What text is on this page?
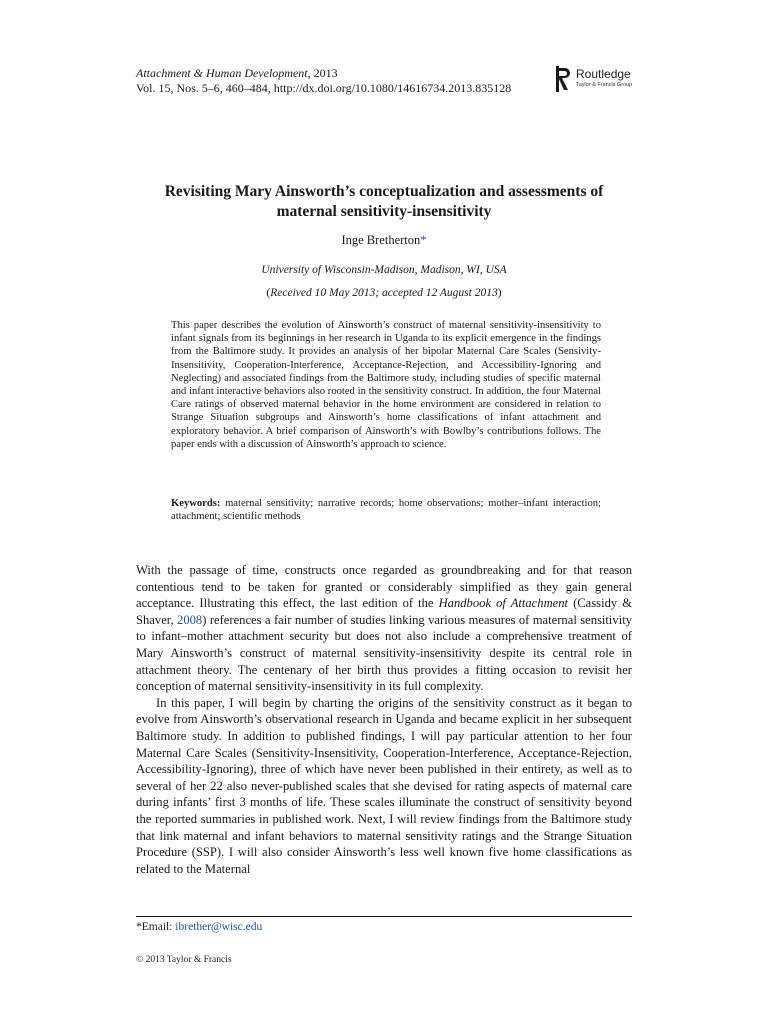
Attachment & Human Development, 2013
Vol. 15, Nos. 5–6, 460–484, http://dx.doi.org/10.1080/14616734.2013.835128
Routledge
Taylor & Francis Group
Revisiting Mary Ainsworth’s conceptualization and assessments of maternal sensitivity-insensitivity
Inge Bretherton*
University of Wisconsin-Madison, Madison, WI, USA
(Received 10 May 2013; accepted 12 August 2013)

This paper describes the evolution of Ainsworth’s construct of maternal sensitivity-insensitivity to infant signals from its beginnings in her research in Uganda to its explicit emergence in the findings from the Baltimore study. It provides an analysis of her bipolar Maternal Care Scales (Sensivity-Insensitivity, Cooperation-Interference, Acceptance-Rejection, and Accessibility-Ignoring and Neglecting) and associated findings from the Baltimore study, including studies of specific maternal and infant interactive behaviors also rooted in the sensitivity construct. In addition, the four Maternal Care ratings of observed maternal behavior in the home environment are considered in relation to Strange Situation subgroups and Ainsworth’s home classifications of infant attachment and exploratory behavior. A brief comparison of Ainsworth’s with Bowlby’s contributions follows. The paper ends with a discussion of Ainsworth’s approach to science.

Keywords: maternal sensitivity; narrative records; home observations; mother–infant interaction; attachment; scientific methods

With the passage of time, constructs once regarded as groundbreaking and for that reason contentious tend to be taken for granted or considerably simplified as they gain general acceptance. Illustrating this effect, the last edition of the Handbook of Attachment (Cassidy & Shaver, 2008) references a fair number of studies linking various measures of maternal sensitivity to infant–mother attachment security but does not also include a comprehensive treatment of Mary Ainsworth’s construct of maternal sensitivity-insensitivity despite its central role in attachment theory. The centenary of her birth thus provides a fitting occasion to revisit her conception of maternal sensitivity-insensitivity in its full complexity.

In this paper, I will begin by charting the origins of the sensitivity construct as it began to evolve from Ainsworth’s observational research in Uganda and became explicit in her subsequent Baltimore study. In addition to published findings, I will pay particular attention to her four Maternal Care Scales (Sensitivity-Insensitivity, Cooperation-Interference, Acceptance-Rejection, Accessibility-Ignoring), three of which have never been published in their entirety, as well as to several of her 22 also never-published scales that she devised for rating aspects of maternal care during infants’ first 3 months of life. These scales illuminate the construct of sensitivity beyond the reported summaries in published work. Next, I will review findings from the Baltimore study that link maternal and infant behaviors to maternal sensitivity ratings and the Strange Situation Procedure (SSP). I will also consider Ainsworth’s less well known five home classifications as related to the Maternal

*Email: ibrether@wisc.edu
© 2013 Taylor & Francis
